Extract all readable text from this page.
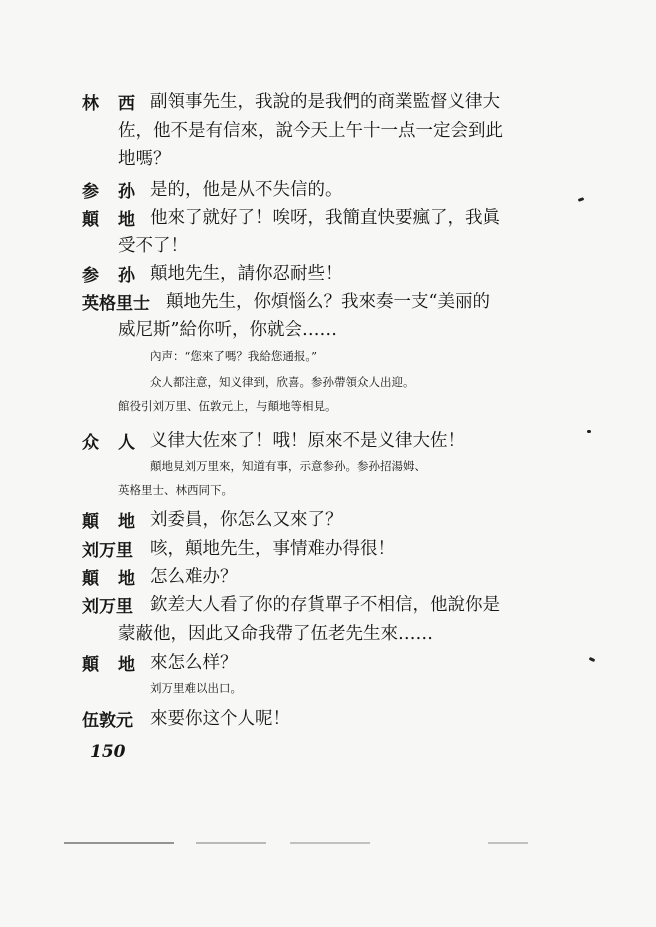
林　西 副領事先生，我說的是我們的商業監督义律大
佐，他不是有信來，說今天上午十一点一定会到此
地嗎？
参　孙 是的，他是从不失信的。
顛　地 他來了就好了！唉呀，我簡直快要瘋了，我眞
受不了！
参　孙 顛地先生，請你忍耐些！
英格里士 顛地先生，你煩惱么？我來奏一支“美丽的
威尼斯”給你听，你就会……
內声：“您來了嗎？我給您通报。”
众人都注意，知义律到，欣喜。参孙帶領众人出迎。
館役引刘万里、伍敦元上，与顛地等相見。
众　人 义律大佐來了！哦！原來不是义律大佐！
顛地見刘万里來，知道有事，示意参孙。参孙招湯姆、
英格里士、林西同下。
顛　地 刘委員，你怎么又來了？
刘万里 咳，顛地先生，事情难办得很！
顛　地 怎么难办？
刘万里 欽差大人看了你的存貨單子不相信，他說你是
蒙蔽他，因此又命我帶了伍老先生來……
顛　地 來怎么样？
刘万里难以出口。
伍敦元 來要你这个人呢！
150
